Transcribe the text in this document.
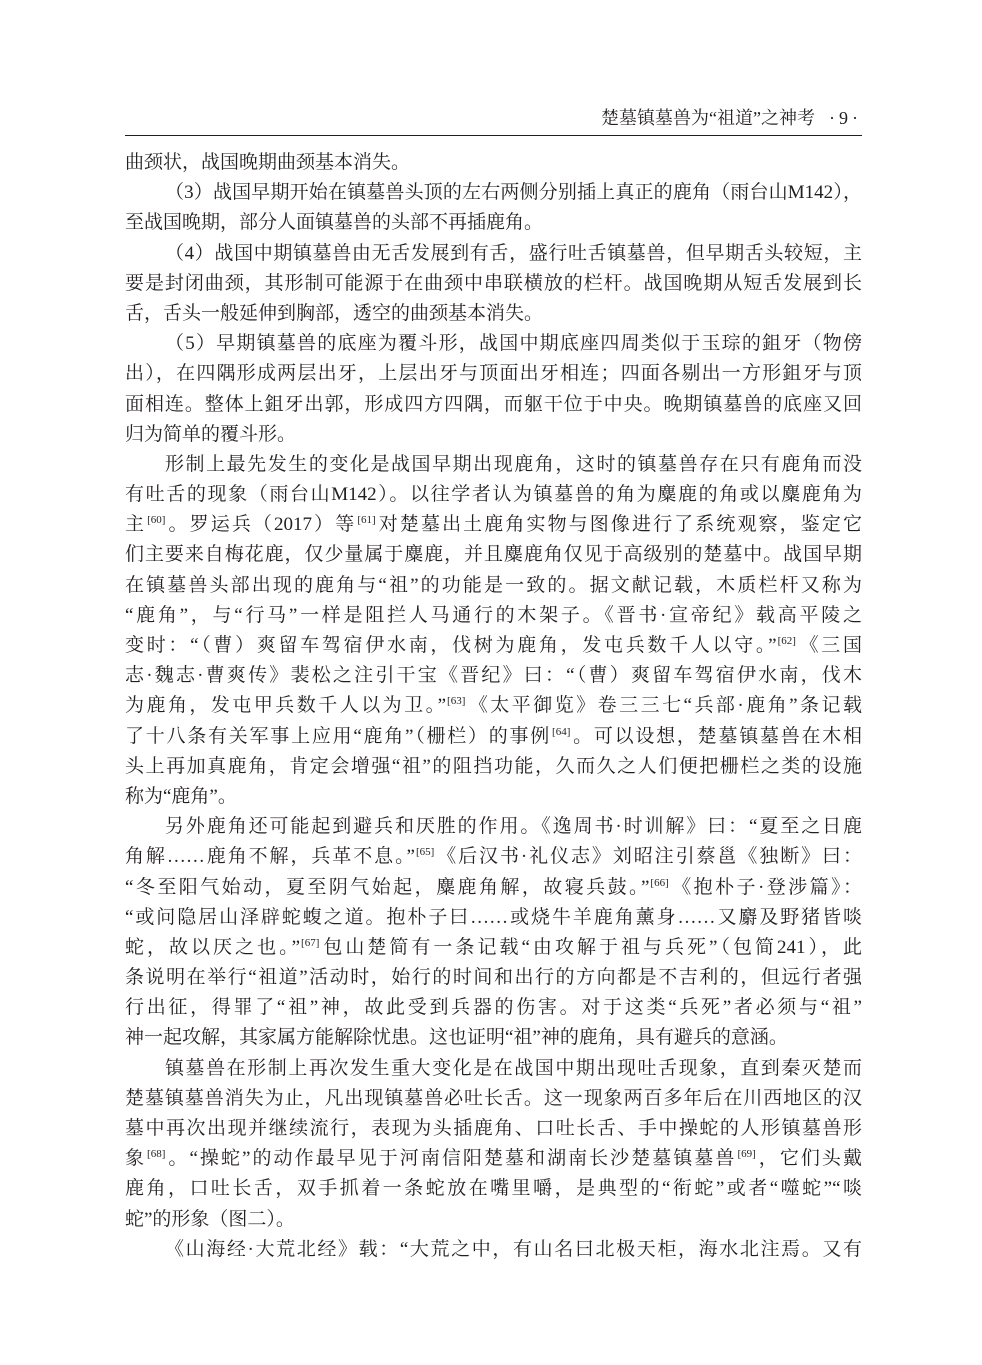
楚墓镇墓兽为“祖道”之神考 ·9·
曲颈状，战国晚期曲颈基本消失。
（3）战国早期开始在镇墓兽头顶的左右两侧分别插上真正的鹿角（雨台山M142），
至战国晚期，部分人面镇墓兽的头部不再插鹿角。
（4）战国中期镇墓兽由无舌发展到有舌，盛行吐舌镇墓兽，但早期舌头较短，主
要是封闭曲颈，其形制可能源于在曲颈中串联横放的栏杆。战国晚期从短舌发展到长
舌，舌头一般延伸到胸部，透空的曲颈基本消失。
（5）早期镇墓兽的底座为覆斗形，战国中期底座四周类似于玉琮的鉏牙（物傍
出），在四隅形成两层出牙，上层出牙与顶面出牙相连；四面各剔出一方形鉏牙与顶
面相连。整体上鉏牙出郭，形成四方四隅，而躯干位于中央。晚期镇墓兽的底座又回
归为简单的覆斗形。
形制上最先发生的变化是战国早期出现鹿角，这时的镇墓兽存在只有鹿角而没
有吐舌的现象（雨台山M142）。以往学者认为镇墓兽的角为麋鹿的角或以麋鹿角为
主[60]。罗运兵（2017）等[61]对楚墓出土鹿角实物与图像进行了系统观察，鉴定它
们主要来自梅花鹿，仅少量属于麋鹿，并且麋鹿角仅见于高级别的楚墓中。战国早期
在镇墓兽头部出现的鹿角与“祖”的功能是一致的。据文献记载，木质栏杆又称为
“鹿角”，与“行马”一样是阻拦人马通行的木架子。《晋书·宣帝纪》载高平陵之
变时：“（曹）爽留车驾宿伊水南，伐树为鹿角，发屯兵数千人以守。”[62]《三国
志·魏志·曹爽传》裴松之注引干宝《晋纪》曰：“（曹）爽留车驾宿伊水南，伐木
为鹿角，发屯甲兵数千人以为卫。”[63]《太平御览》卷三三七“兵部·鹿角”条记载
了十八条有关军事上应用“鹿角”（栅栏）的事例[64]。可以设想，楚墓镇墓兽在木相
头上再加真鹿角，肯定会增强“祖”的阻挡功能，久而久之人们便把栅栏之类的设施
称为“鹿角”。
另外鹿角还可能起到避兵和厌胜的作用。《逸周书·时训解》曰：“夏至之日鹿
角解……鹿角不解，兵革不息。”[65]《后汉书·礼仪志》刘昭注引蔡邕《独断》曰：
“冬至阳气始动，夏至阴气始起，麋鹿角解，故寝兵鼓。”[66]《抱朴子·登涉篇》：
“或问隐居山泽辟蛇蝮之道。抱朴子曰……或烧牛羊鹿角薰身……又麝及野猪皆啖
蛇，故以厌之也。”[67]包山楚简有一条记载“由攻解于祖与兵死”（包简241），此
条说明在举行“祖道”活动时，始行的时间和出行的方向都是不吉利的，但远行者强
行出征，得罪了“祖”神，故此受到兵器的伤害。对于这类“兵死”者必须与“祖”
神一起攻解，其家属方能解除忧患。这也证明“祖”神的鹿角，具有避兵的意涵。
镇墓兽在形制上再次发生重大变化是在战国中期出现吐舌现象，直到秦灭楚而
楚墓镇墓兽消失为止，凡出现镇墓兽必吐长舌。这一现象两百多年后在川西地区的汉
墓中再次出现并继续流行，表现为头插鹿角、口吐长舌、手中操蛇的人形镇墓兽形
象[68]。“操蛇”的动作最早见于河南信阳楚墓和湖南长沙楚墓镇墓兽[69]，它们头戴
鹿角，口吐长舌，双手抓着一条蛇放在嘴里嚼，是典型的“衔蛇”或者“噬蛇”“啖
蛇”的形象（图二）。
《山海经·大荒北经》载：“大荒之中，有山名曰北极天柜，海水北注焉。又有
